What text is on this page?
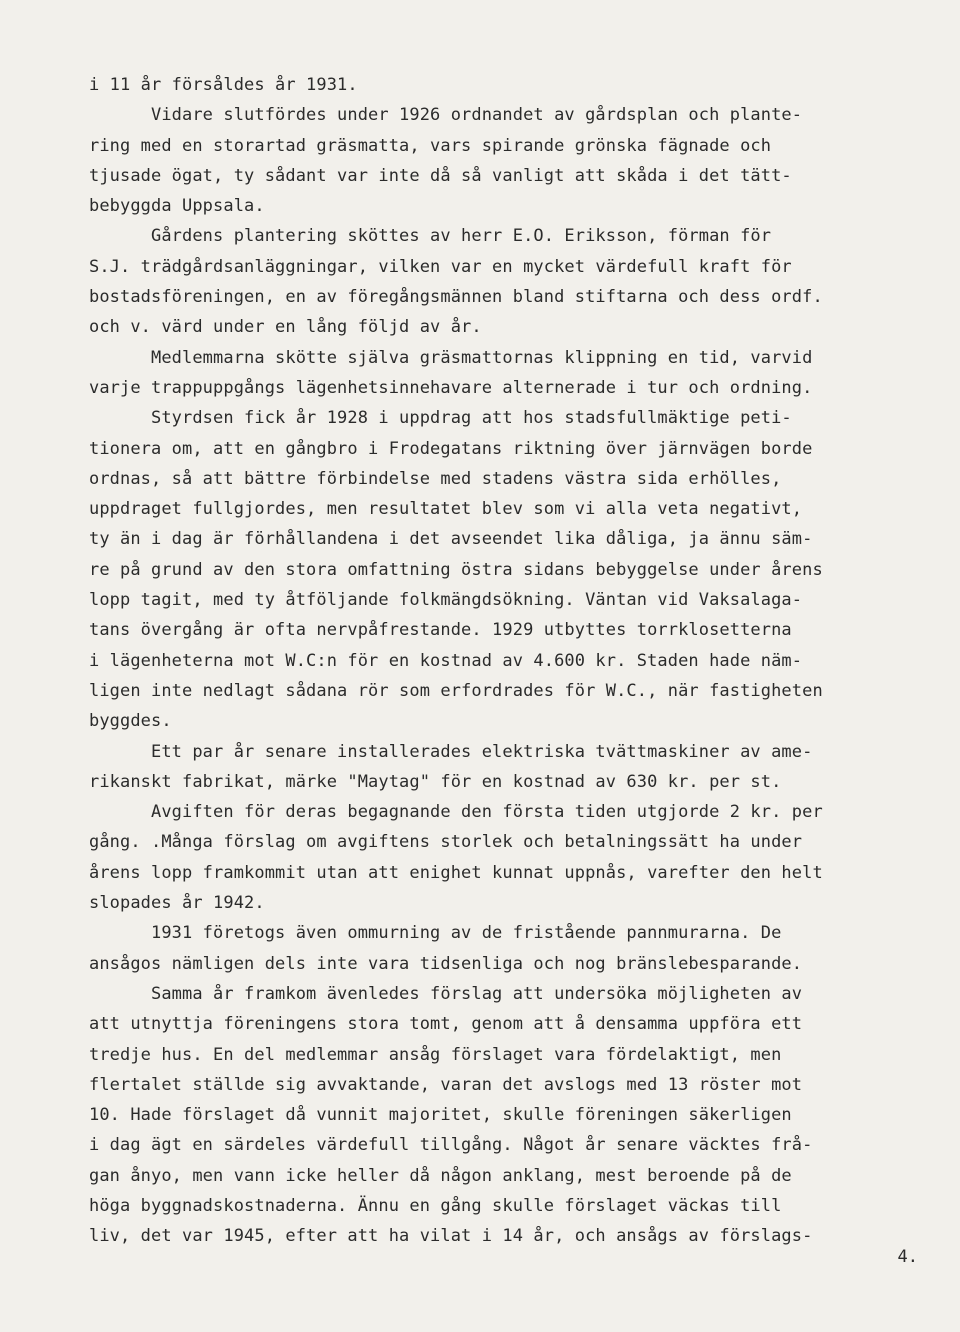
i 11 år försåldes år 1931.
Vidare slutfördes under 1926 ordnandet av gårdsplan och plante-
ring med en storartad gräsmatta, vars spirande grönska fägnade och
tjusade ögat, ty sådant var inte då så vanligt att skåda i det tätt-
bebyggda Uppsala.
Gårdens plantering sköttes av herr E.O. Eriksson, förman för
S.J. trädgårdsanläggningar, vilken var en mycket värdefull kraft för
bostadsföreningen, en av föregångsmännen bland stiftarna och dess ordf.
och v. värd under en lång följd av år.
Medlemmarna skötte själva gräsmattornas klippning en tid, varvid
varje trappuppgångs lägenhetsinnehavare alternerade i tur och ordning.
Styrdsen fick år 1928 i uppdrag att hos stadsfullmäktige peti-
tionera om, att en gångbro i Frodegatans riktning över järnvägen borde
ordnas, så att bättre förbindelse med stadens västra sida erhölles,
uppdraget fullgjordes, men resultatet blev som vi alla veta negativt,
ty än i dag är förhållandena i det avseendet lika dåliga, ja ännu säm-
re på grund av den stora omfattning östra sidans bebyggelse under årens
lopp tagit, med ty åtföljande folkmängdsökning. Väntan vid Vaksalaga-
tans övergång är ofta nervpåfrestande. 1929 utbyttes torrklosetterna
i lägenheterna mot W.C:n för en kostnad av 4.600 kr. Staden hade näm-
ligen inte nedlagt sådana rör som erfordrades för W.C., när fastigheten
byggdes.
Ett par år senare installerades elektriska tvättmaskiner av ame-
rikanskt fabrikat, märke "Maytag" för en kostnad av 630 kr. per st.
Avgiften för deras begagnande den första tiden utgjorde 2 kr. per
gång. .Många förslag om avgiftens storlek och betalningssätt ha under
årens lopp framkommit utan att enighet kunnat uppnås, varefter den helt
slopades år 1942.
1931 företogs även ommurning av de fristående pannmurarna. De
ansågos nämligen dels inte vara tidsenliga och nog bränslebesparande.
Samma år framkom ävenledes förslag att undersöka möjligheten av
att utnyttja föreningens stora tomt, genom att å densamma uppföra ett
tredje hus. En del medlemmar ansåg förslaget vara fördelaktigt, men
flertalet ställde sig avvaktande, varan det avslogs med 13 röster mot
10. Hade förslaget då vunnit majoritet, skulle föreningen säkerligen
i dag ägt en särdeles värdefull tillgång. Något år senare väcktes frå-
gan ånyo, men vann icke heller då någon anklang, mest beroende på de
höga byggnadskostnaderna. Ännu en gång skulle förslaget väckas till
liv, det var 1945, efter att ha vilat i 14 år, och ansågs av förslags-
4.
